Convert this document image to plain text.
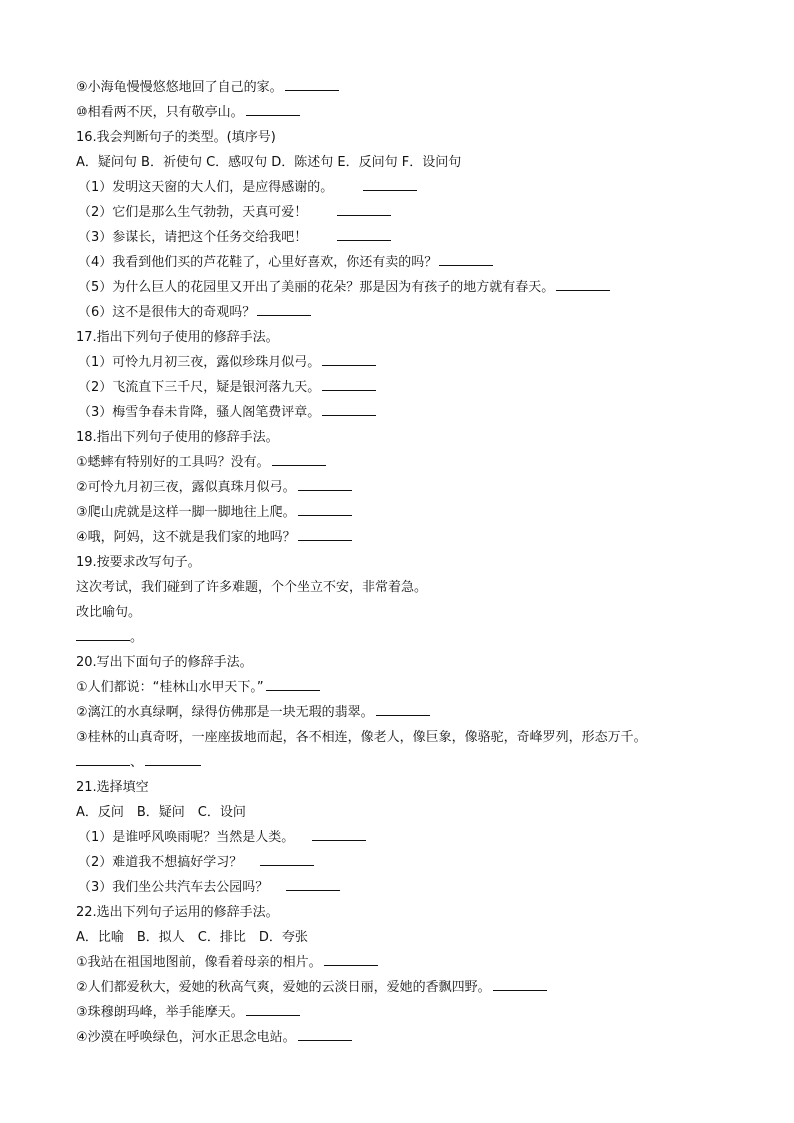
⑨小海龟慢慢悠悠地回了自己的家。
⑩相看两不厌，只有敬亭山。
16.我会判断句子的类型。(填序号)
A．疑问句 B．祈使句 C．感叹句 D．陈述句 E．反问句 F．设问句
（1）发明这天窗的大人们，是应得感谢的。
（2）它们是那么生气勃勃，天真可爱！
（3）参谋长，请把这个任务交给我吧！
（4）我看到他们买的芦花鞋了，心里好喜欢，你还有卖的吗？
（5）为什么巨人的花园里又开出了美丽的花朵？那是因为有孩子的地方就有春天。
（6）这不是很伟大的奇观吗？
17.指出下列句子使用的修辞手法。
（1）可怜九月初三夜，露似珍珠月似弓。
（2）飞流直下三千尺，疑是银河落九天。
（3）梅雪争春未肯降，骚人阁笔费评章。
18.指出下列句子使用的修辞手法。
①蟋蟀有特别好的工具吗？没有。
②可怜九月初三夜，露似真珠月似弓。
③爬山虎就是这样一脚一脚地往上爬。
④哦，阿妈，这不就是我们家的地吗？
19.按要求改写句子。
这次考试，我们碰到了许多难题，个个坐立不安，非常着急。
改比喻句。
。
20.写出下面句子的修辞手法。
①人们都说：“桂林山水甲天下。”
②漓江的水真绿啊，绿得仿佛那是一块无瑕的翡翠。
③桂林的山真奇呀，一座座拔地而起，各不相连，像老人，像巨象，像骆驼，奇峰罗列，形态万千。
、
21.选择填空
A．反问　B．疑问　C．设问
（1）是谁呼风唤雨呢？当然是人类。
（2）难道我不想搞好学习？
（3）我们坐公共汽车去公园吗？
22.选出下列句子运用的修辞手法。
A．比喻　B．拟人　C．排比　D．夸张
①我站在祖国地图前，像看着母亲的相片。
②人们都爱秋大，爱她的秋高气爽，爱她的云淡日丽，爱她的香飘四野。
③珠穆朗玛峰，举手能摩天。
④沙漠在呼唤绿色，河水正思念电站。
